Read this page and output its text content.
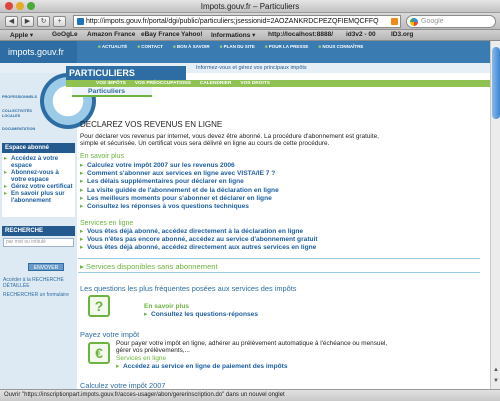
Impots.gouv.fr – Particuliers
◀	▶	↻	+	http://impots.gouv.fr/portal/dgi/public/particuliers;jsessionid=2AOZANKRDCPEZQFIEMQCFFQ	Google
Apple ▾	GoOgLe Amazon France eBay France Yahoo! Informations ▾ http://localhost:8888/ id3v2 - 00 ID3.org
■ ACTUALITÉ	■ CONTACT	■ BON À SAVOIR	■ PLAN DU SITE	■ POUR LA PRESSE	■ NOUS CONNAÎTRE
impots.gouv.fr
Informez-vous et gérez vos principaux impôts
PROFESSIONNELS
COLLECTIVITÉS LOCALES
DOCUMENTATION
Espace abonné
▸ Accédez à votre espace
▸ Abonnez-vous à votre espace
▸ Gérez votre certificat
▸ En savoir plus sur l'abonnement
RECHERCHE
par mot ou intitulé
ENVOYER
Accéder à la RECHERCHE DÉTAILLÉE
RECHERCHER un formulaire
PARTICULIERS
VOS IMPÔTS VOS PRÉOCCUPATIONS CALENDRIER VOS DROITS
Particuliers
DECLAREZ VOS REVENUS EN LIGNE
Pour déclarer vos revenus par internet, vous devez être abonné. La procédure d'abonnement est gratuite,
simple et sécurisée. Un certificat vous sera délivré en ligne au cours de cette procédure.
En savoir plus
▸ Calculez votre impôt 2007 sur les revenus 2006
▸ Comment s'abonner aux services en ligne avec VISTA/IE 7 ?
▸ Les délais supplémentaires pour déclarer en ligne
▸ La visite guidée de l'abonnement et de la déclaration en ligne
▸ Les meilleurs moments pour s'abonner et déclarer en ligne
▸ Consultez les réponses à vos questions techniques
Services en ligne
▸ Vous êtes déjà abonné, accédez directement à la déclaration en ligne
▸ Vous n'êtes pas encore abonné, accédez au service d'abonnement gratuit
▸ Vous êtes déjà abonné, accédez directement aux autres services en ligne
▸ Services disponibles sans abonnement
Les questions les plus fréquentes posées aux services des impôts
?	En savoir plus
▸ Consultez les questions-réponses
Payez votre impôt
Pour payer votre impôt en ligne, adhérer au prélèvement automatique à l'échéance ou mensuel,
gérer vos prélèvements,...
€	Services en ligne
▸ Accédez au service en ligne de paiement des impôts
Calculez votre impôt 2007
▲
▼
Ouvrir "https://inscriptionpart.impots.gouv.fr/acces-usager/abon/gererinscription.do" dans un nouvel onglet
